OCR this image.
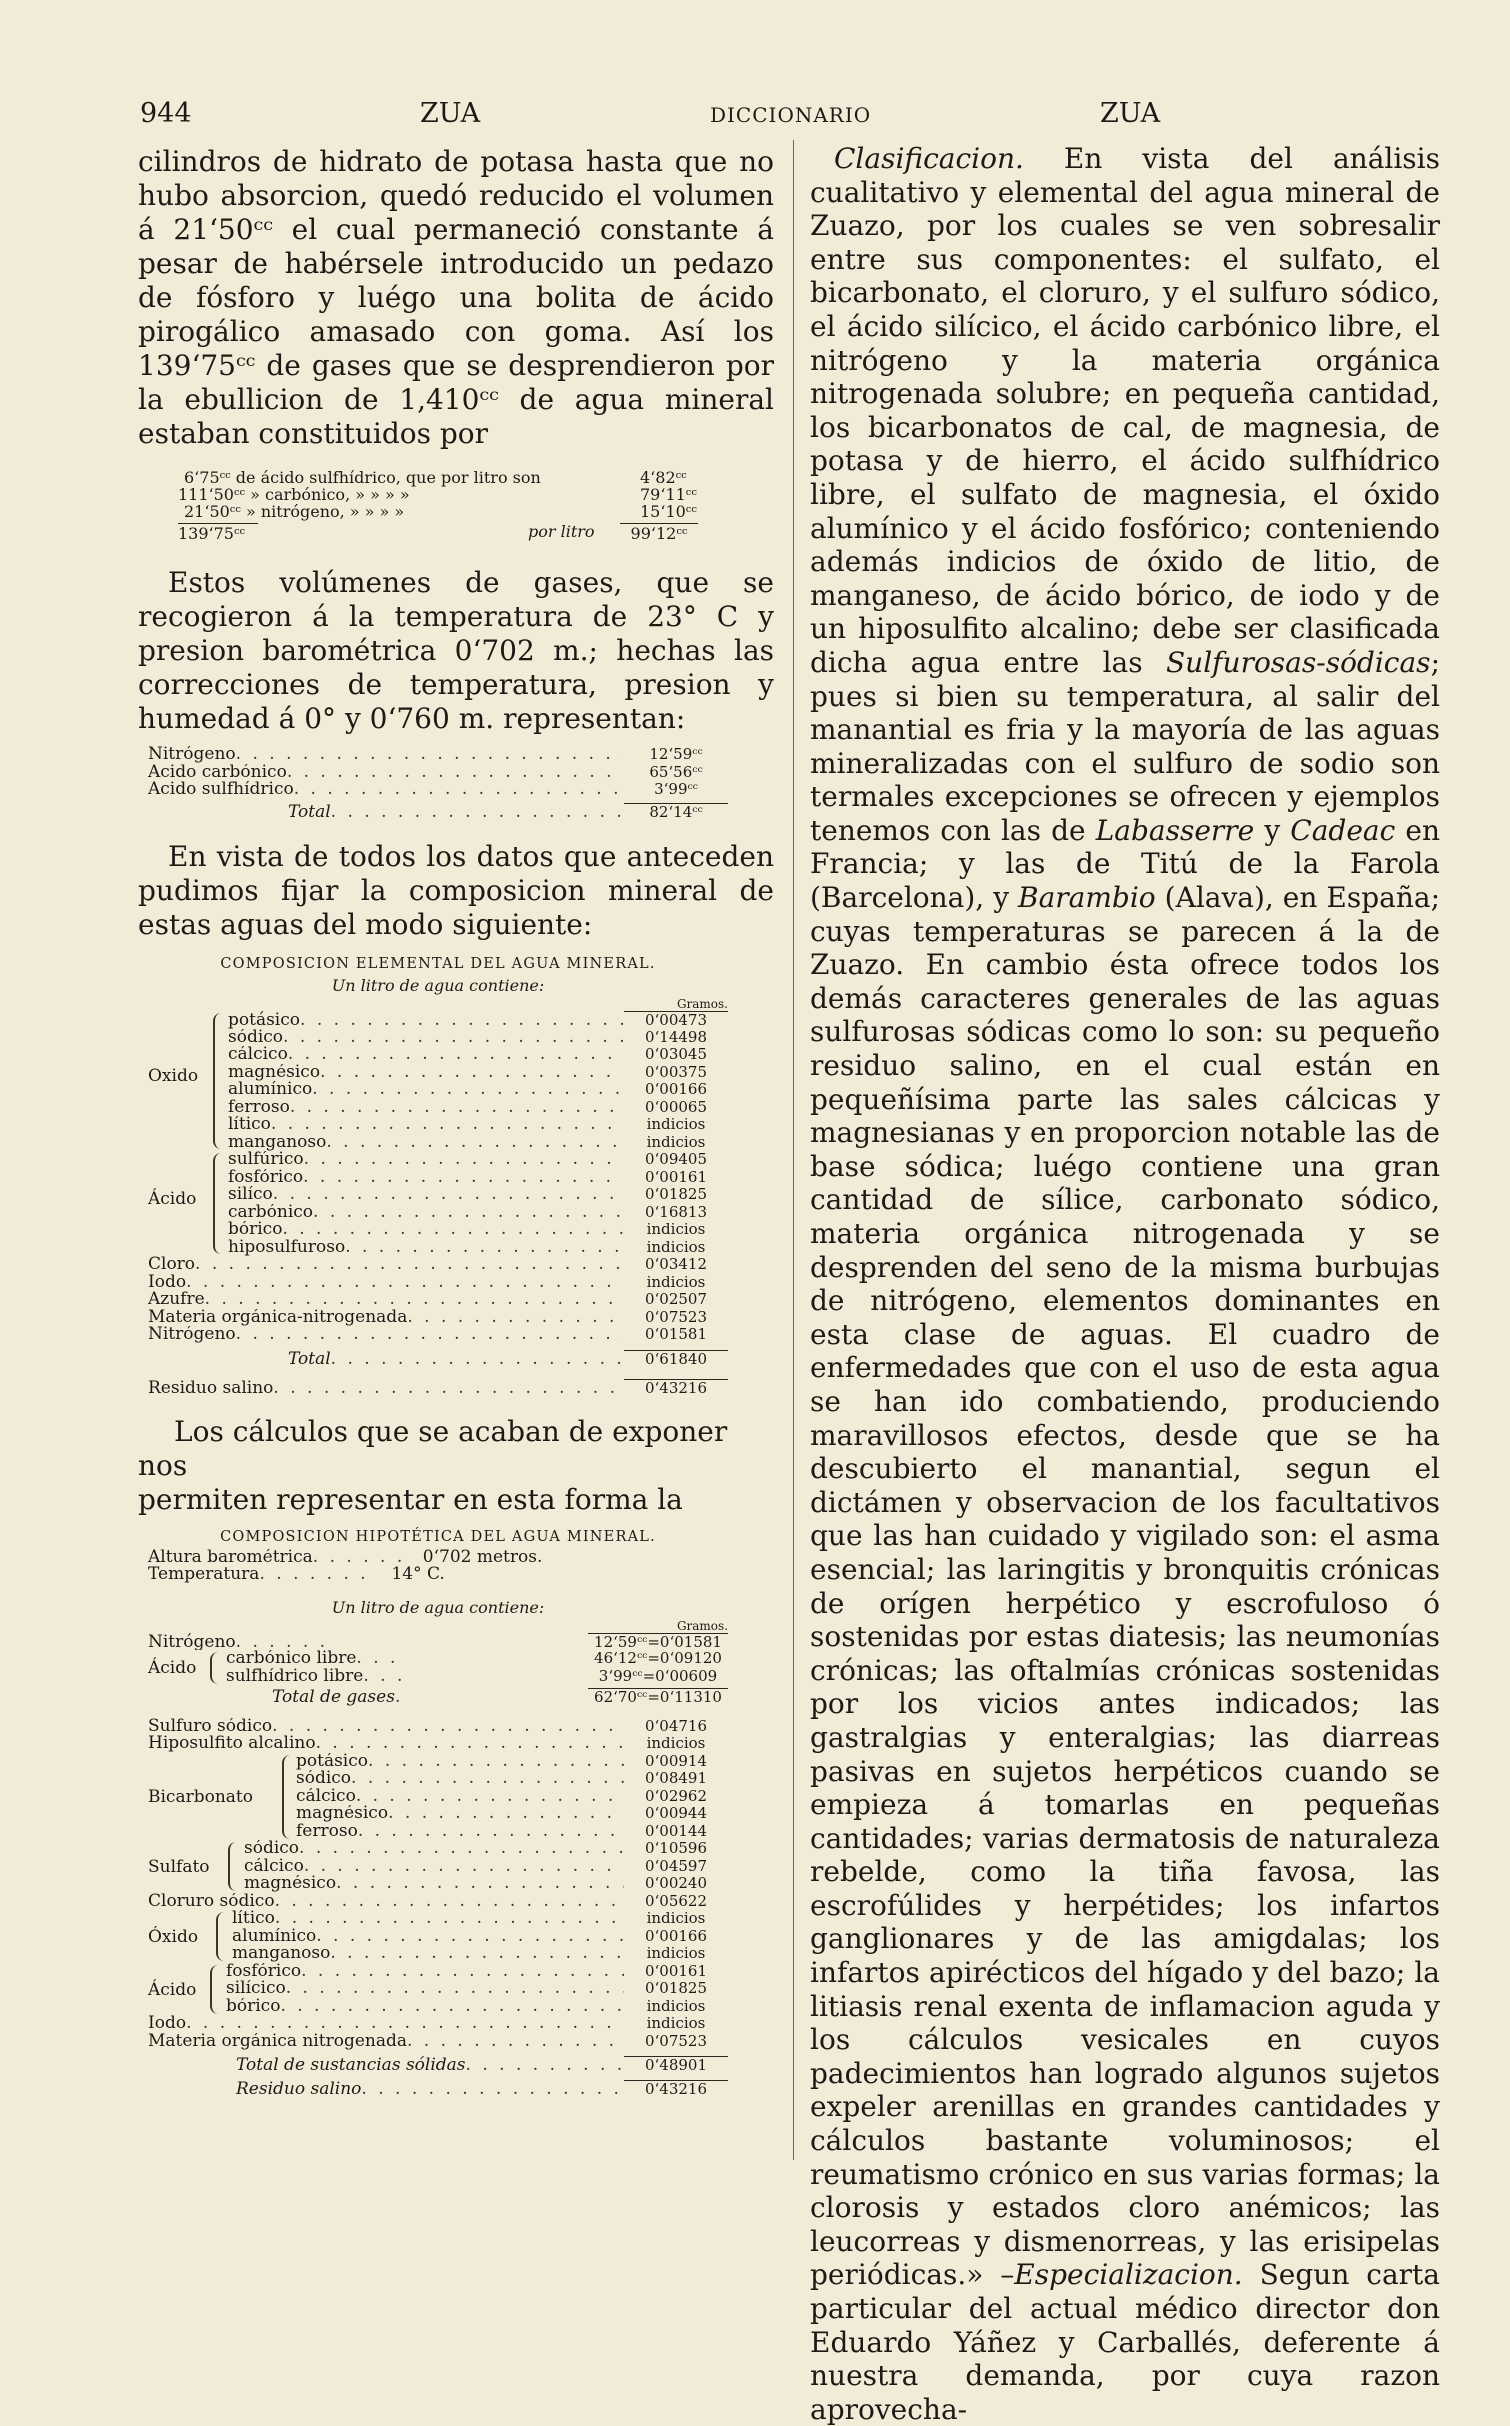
944	ZUA	DICCIONARIO	ZUA

cilindros de hidrato de potasa hasta que no hubo absorcion, quedó reducido el volumen á 21‘50ᶜᶜ el cual permaneció constante á pesar de habérsele introducido un pedazo de fósforo y luégo una bolita de ácido pirogálico amasado con goma. Así los 139‘75ᶜᶜ de gases que se desprendieron por la ebullicion de 1,410ᶜᶜ de agua mineral estaban constituidos por

6‘75ᶜᶜ de ácido sulfhídrico, que por litro son	4‘82ᶜᶜ
111‘50ᶜᶜ » carbónico, » » » »	79‘11ᶜᶜ
21‘50ᶜᶜ » nitrógeno, » » » »	15‘10ᶜᶜ
139‘75ᶜᶜ	por litro	99‘12ᶜᶜ

Estos volúmenes de gases, que se recogieron á la temperatura de 23° C y presion barométrica 0‘702 m.; hechas las correcciones de temperatura, presion y humedad á 0° y 0‘760 m. representan:

Nitrógeno . . .	12‘59ᶜᶜ
Acido carbónico . . .	65‘56ᶜᶜ
Acido sulfhídrico . . .	3‘99ᶜᶜ
Total . . .	82‘14ᶜᶜ

En vista de todos los datos que anteceden pudimos fijar la composicion mineral de estas aguas del modo siguiente:

COMPOSICION ELEMENTAL DEL AGUA MINERAL.

Un litro de agua contiene:

Gramos.
Oxido
potásico . . .	0‘00473
sódico . . .	0‘14498
cálcico . . .	0‘03045
magnésico . . .	0‘00375
alumínico . . .	0‘00166
ferroso . . .	0‘00065
lítico . . .	indicios
manganoso . . .	indicios
Ácido
sulfúrico . . .	0‘09405
fosfórico . . .	0‘00161
silíco . . .	0‘01825
carbónico . . .	0‘16813
bórico . . .	indicios
hiposulfuroso . . .	indicios
Cloro . . .	0‘03412
Iodo . . .	indicios
Azufre . . .	0‘02507
Materia orgánica-nitrogenada . . .	0‘07523
Nitrógeno . . .	0‘01581
Total . . .	0‘61840
Residuo salino . . .	0‘43216

Los cálculos que se acaban de exponer nos

permiten representar en esta forma la

COMPOSICION HIPOTÉTICA DEL AGUA MINERAL.

Altura barométrica . . .	0‘702 metros.
Temperatura . . .	14° C.

Un litro de agua contiene:

Gramos.
Nitrógeno . . .	12‘59ᶜᶜ=0‘01581
Ácido	carbónico libre . . .	46‘12ᶜᶜ=0‘09120
sulfhídrico libre . . .	3‘99ᶜᶜ=0‘00609
Total de gases . . .	62‘70ᶜᶜ=0‘11310
Sulfuro sódico . . .	0‘04716
Hiposulfito alcalino . . .	indicios
Bicarbonato
potásico . . .	0‘00914
sódico . . .	0‘08491
cálcico . . .	0‘02962
magnésico . . .	0‘00944
ferroso . . .	0‘00144
Sulfato
sódico . . .	0‘10596
cálcico . . .	0‘04597
magnésico . . .	0‘00240
Cloruro sódico . . .	0‘05622
Óxido
lítico . . .	indicios
alumínico . . .	0‘00166
manganoso . . .	indicios
Ácido
fosfórico . . .	0‘00161
silícico . . .	0‘01825
bórico . . .	indicios
Iodo . . .	indicios
Materia orgánica nitrogenada . . .	0‘07523
Total de sustancias sólidas . . .	0‘48901
Residuo salino . . .	0‘43216

Clasificacion. En vista del análisis cualitativo y elemental del agua mineral de Zuazo, por los cuales se ven sobresalir entre sus componentes: el sulfato, el bicarbonato, el cloruro, y el sulfuro sódico, el ácido silícico, el ácido carbónico libre, el nitrógeno y la materia orgánica nitrogenada solubre; en pequeña cantidad, los bicarbonatos de cal, de magnesia, de potasa y de hierro, el ácido sulfhídrico libre, el sulfato de magnesia, el óxido alumínico y el ácido fosfórico; conteniendo además indicios de óxido de litio, de manganeso, de ácido bórico, de iodo y de un hiposulfito alcalino; debe ser clasificada dicha agua entre las Sulfurosas-sódicas; pues si bien su temperatura, al salir del manantial es fria y la mayoría de las aguas mineralizadas con el sulfuro de sodio son termales excepciones se ofrecen y ejemplos tenemos con las de Labasserre y Cadeac en Francia; y las de Titú de la Farola (Barcelona), y Barambio (Alava), en España; cuyas temperaturas se parecen á la de Zuazo. En cambio ésta ofrece todos los demás caracteres generales de las aguas sulfurosas sódicas como lo son: su pequeño residuo salino, en el cual están en pequeñísima parte las sales cálcicas y magnesianas y en proporcion notable las de base sódica; luégo contiene una gran cantidad de sílice, carbonato sódico, materia orgánica nitrogenada y se desprenden del seno de la misma burbujas de nitrógeno, elementos dominantes en esta clase de aguas. El cuadro de enfermedades que con el uso de esta agua se han ido combatiendo, produciendo maravillosos efectos, desde que se ha descubierto el manantial, segun el dictámen y observacion de los facultativos que las han cuidado y vigilado son: el asma esencial; las laringitis y bronquitis crónicas de orígen herpético y escrofuloso ó sostenidas por estas diatesis; las neumonías crónicas; las oftalmías crónicas sostenidas por los vicios antes indicados; las gastralgias y enteralgias; las diarreas pasivas en sujetos herpéticos cuando se empieza á tomarlas en pequeñas cantidades; varias dermatosis de naturaleza rebelde, como la tiña favosa, las escrofúlides y herpétides; los infartos ganglionares y de las amigdalas; los infartos apirécticos del hígado y del bazo; la litiasis renal exenta de inflamacion aguda y los cálculos vesicales en cuyos padecimientos han logrado algunos sujetos expeler arenillas en grandes cantidades y cálculos bastante voluminosos; el reumatismo crónico en sus varias formas; la clorosis y estados cloro anémicos; las leucorreas y dismenorreas, y las erisipelas periódicas.» –Especializacion. Segun carta particular del actual médico director don Eduardo Yáñez y Carballés, deferente á nuestra demanda, por cuya razon aprovecha-
